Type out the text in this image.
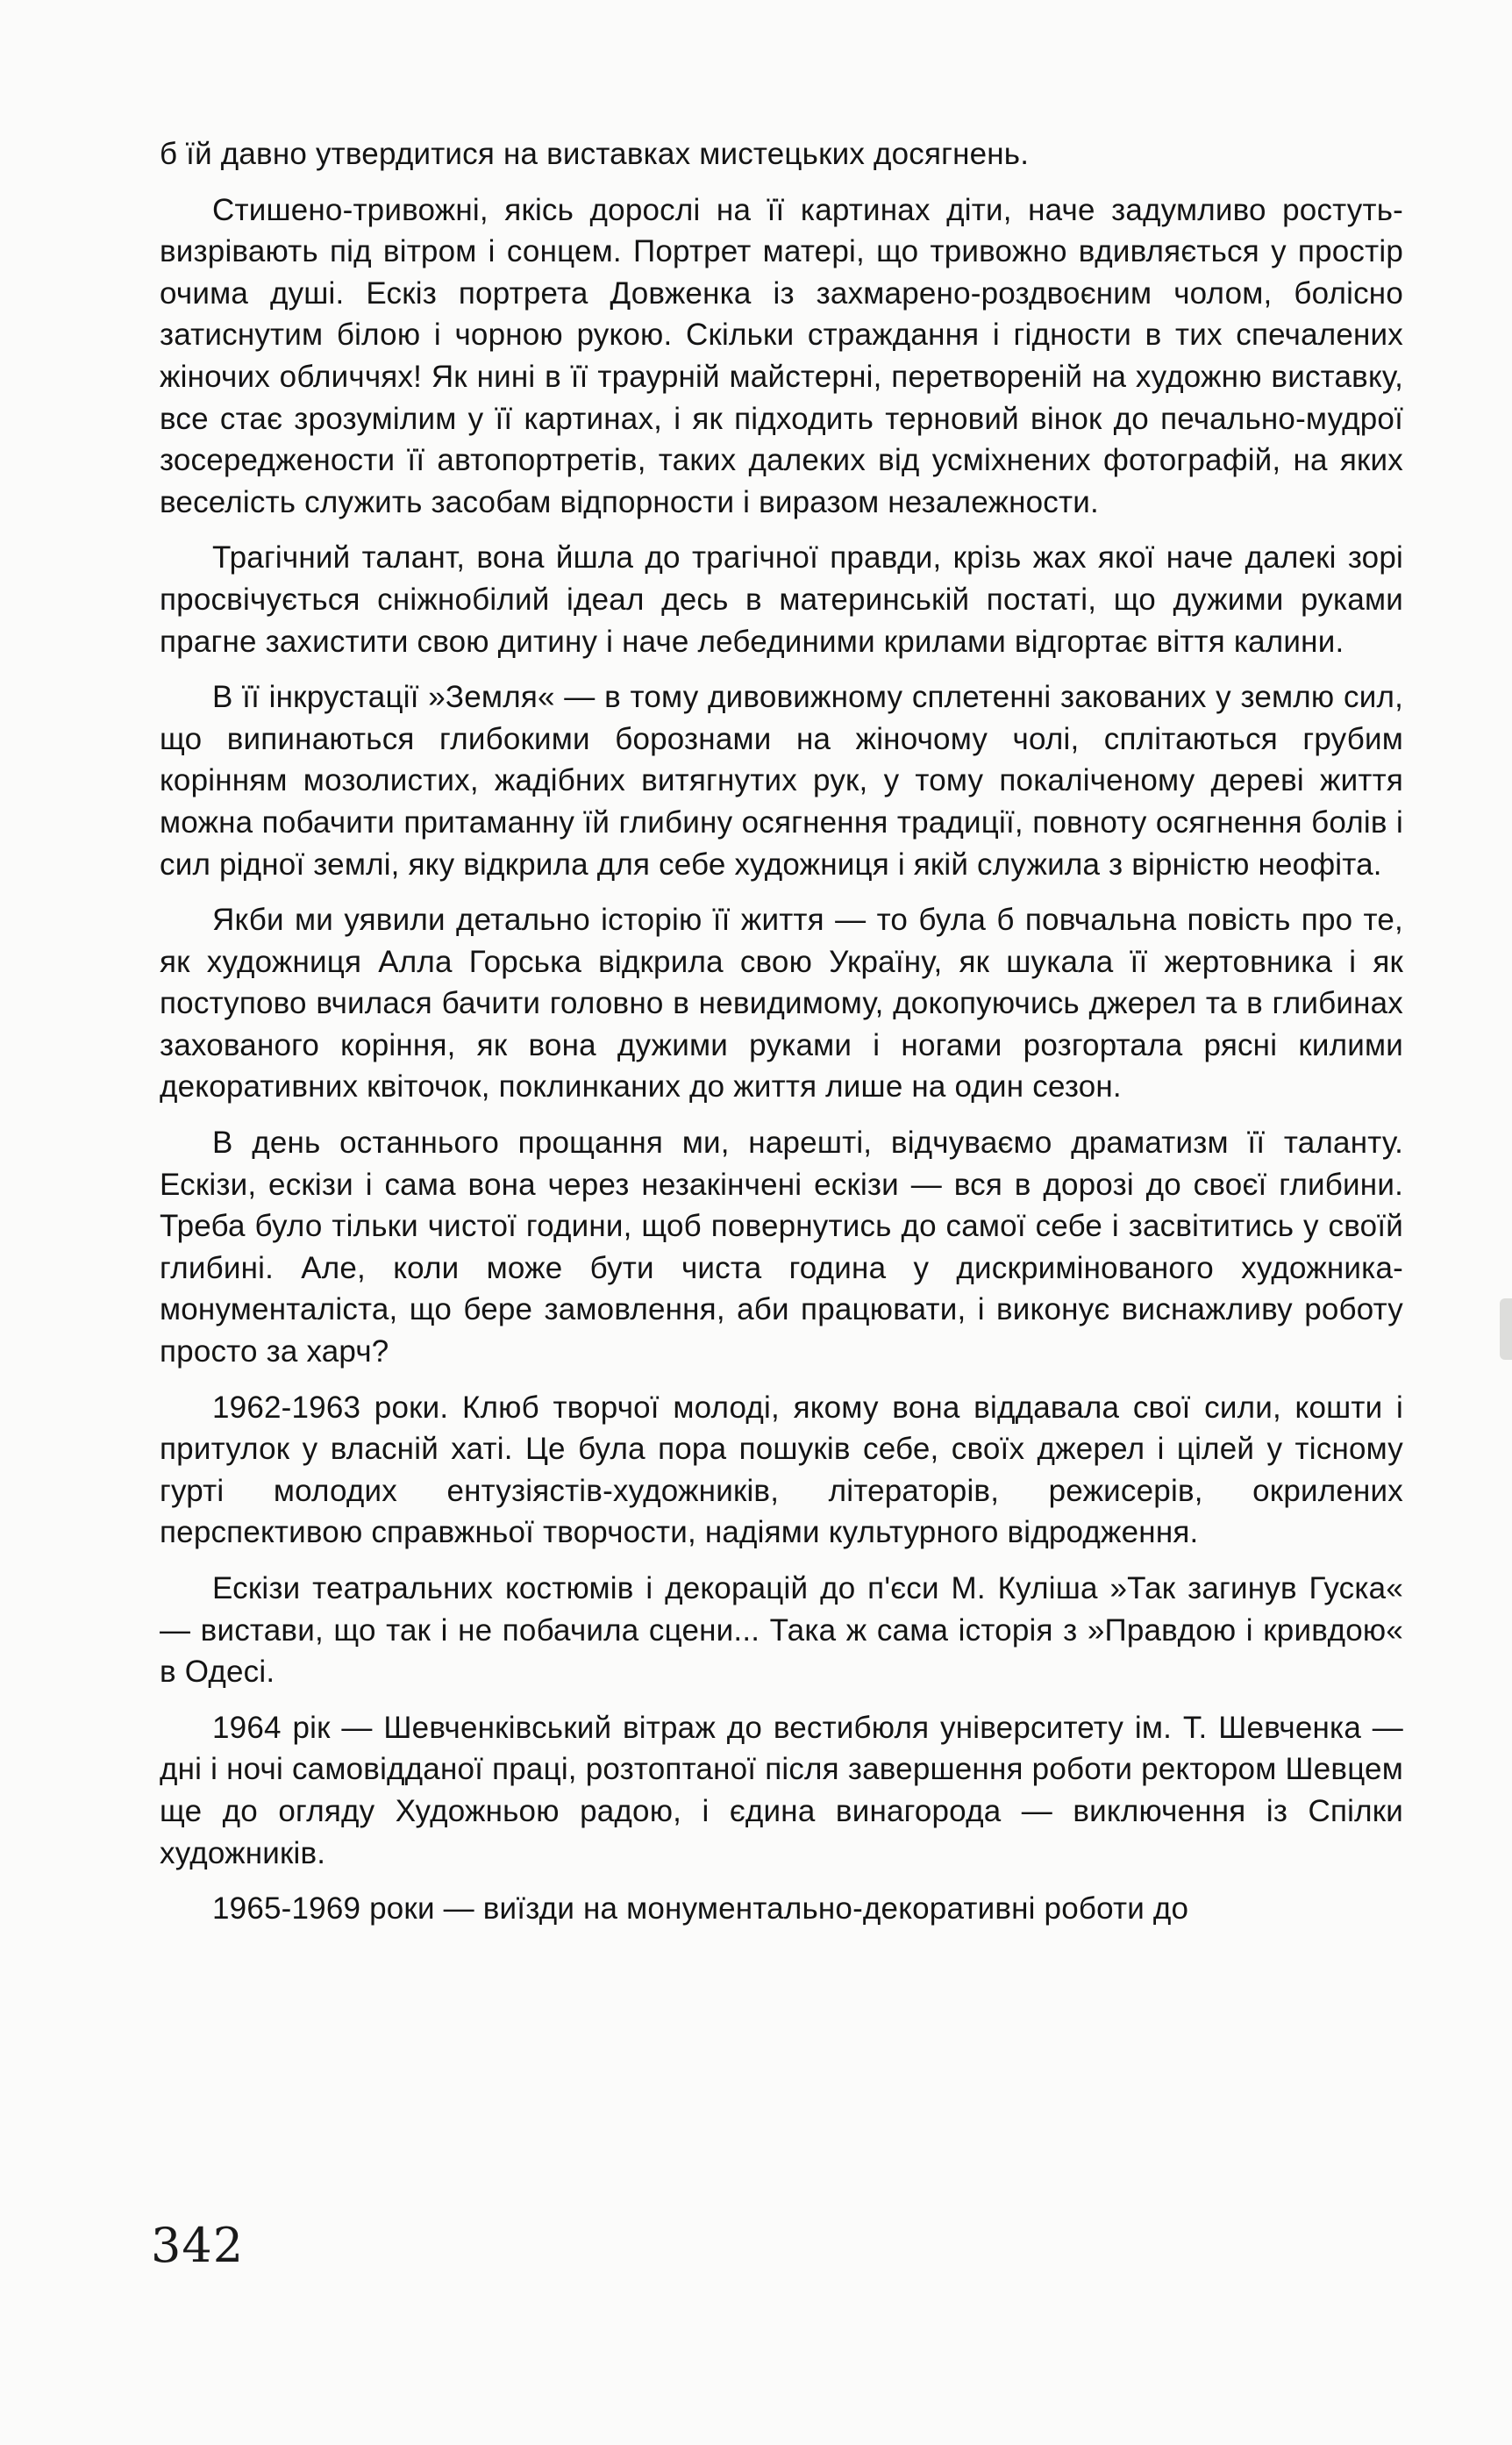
б їй давно утвердитися на виставках мистецьких досягнень.

Стишено-тривожні, якісь дорослі на її картинах діти, наче задумливо ростуть-визрівають під вітром і сонцем. Портрет матері, що тривожно вдивляється у простір очима душі. Ескіз портрета Довженка із захмарено-роздвоєним чолом, болісно затиснутим білою і чорною рукою. Скільки страждання і гідности в тих спечалених жіночих обличчях! Як нині в її траурній майстерні, перетвореній на художню виставку, все стає зрозумілим у її картинах, і як підходить терновий вінок до печально-мудрої зосереджености її автопортретів, таких далеких від усміхнених фотографій, на яких веселість служить засобам відпорности і виразом незалежности.

Трагічний талант, вона йшла до трагічної правди, крізь жах якої наче далекі зорі просвічується сніжнобілий ідеал десь в материнській постаті, що дужими руками прагне захистити свою дитину і наче лебединими крилами відгортає віття калини.

В її інкрустації »Земля« — в тому дивовижному сплетенні закованих у землю сил, що випинаються глибокими борознами на жіночому чолі, сплітаються грубим корінням мозолистих, жадібних витягнутих рук, у тому покаліченому дереві життя можна побачити притаманну їй глибину осягнення традиції, повноту осягнення болів і сил рідної землі, яку відкрила для себе художниця і якій служила з вірністю неофіта.

Якби ми уявили детально історію її життя — то була б повчальна повість про те, як художниця Алла Горська відкрила свою Україну, як шукала її жертовника і як поступово вчилася бачити головно в невидимому, докопуючись джерел та в глибинах захованого коріння, як вона дужими руками і ногами розгортала рясні килими декоративних квіточок, поклинканих до життя лише на один сезон.

В день останнього прощання ми, нарешті, відчуваємо драматизм її таланту. Ескізи, ескізи і сама вона через незакінчені ескізи — вся в дорозі до своєї глибини. Треба було тільки чистої години, щоб повернутись до самої себе і засвітитись у своїй глибині. Але, коли може бути чиста година у дискримінованого художника-монументаліста, що бере замовлення, аби працювати, і виконує виснажливу роботу просто за харч?

1962-1963 роки. Клюб творчої молоді, якому вона віддавала свої сили, кошти і притулок у власній хаті. Це була пора пошуків себе, своїх джерел і цілей у тісному гурті молодих ентузіястів-художників, літераторів, режисерів, окрилених перспективою справжньої творчости, надіями культурного відродження.

Ескізи театральних костюмів і декорацій до п'єси М. Куліша »Так загинув Гуска« — вистави, що так і не побачила сцени... Така ж сама історія з »Правдою і кривдою« в Одесі.

1964 рік — Шевченківський вітраж до вестибюля університету ім. Т. Шевченка — дні і ночі самовідданої праці, розтоптаної після завершення роботи ректором Шевцем ще до огляду Художньою радою, і єдина винагорода — виключення із Спілки художників.

1965-1969 роки — виїзди на монументально-декоративні роботи до

342
